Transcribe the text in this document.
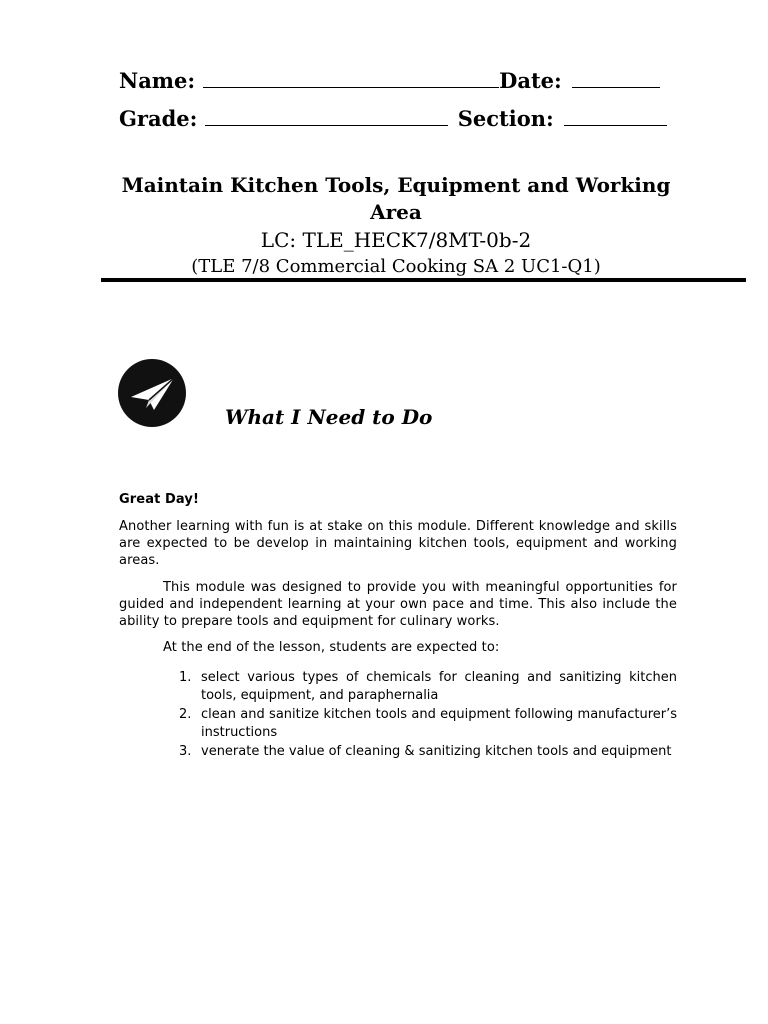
Name:	Date:
Grade:	Section:
Maintain Kitchen Tools, Equipment and Working Area
LC: TLE_HECK7/8MT-0b-2
(TLE 7/8 Commercial Cooking SA 2 UC1-Q1)
What I Need to Do
Great Day!
Another learning with fun is at stake on this module. Different knowledge and skills are expected to be develop in maintaining kitchen tools, equipment and working areas.
This module was designed to provide you with meaningful opportunities for guided and independent learning at your own pace and time. This also include the ability to prepare tools and equipment for culinary works.
At the end of the lesson, students are expected to:
1. select various types of chemicals for cleaning and sanitizing kitchen tools, equipment, and paraphernalia
2. clean and sanitize kitchen tools and equipment following manufacturer’s instructions
3. venerate the value of cleaning & sanitizing kitchen tools and equipment
